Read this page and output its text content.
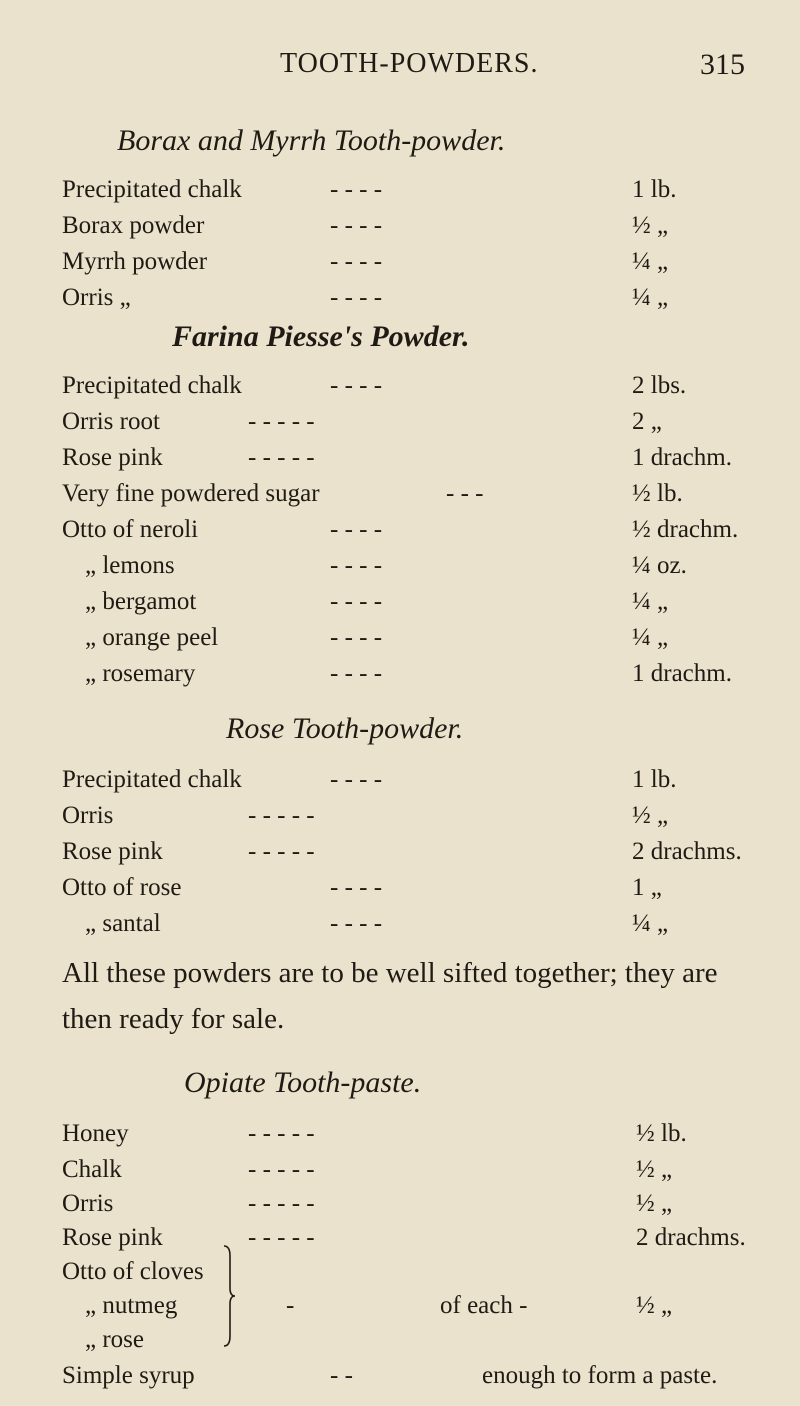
TOOTH-POWDERS.	315
Borax and Myrrh Tooth-powder.
Precipitated chalk	- - - -	1 lb.
Borax powder	- - - -	½ „
Myrrh powder	- - - -	¼ „
Orris „	- - - -	¼ „
Farina Piesse's Powder.
Precipitated chalk	- - - -	2 lbs.
Orris root	- - - - -	2 „
Rose pink	- - - - -	1 drachm.
Very fine powdered sugar	- - -	½ lb.
Otto of neroli	- - - -	½ drachm.
„ lemons	- - - -	¼ oz.
„ bergamot	- - - -	¼ „
„ orange peel	- - - -	¼ „
„ rosemary	- - - -	1 drachm.
Rose Tooth-powder.
Precipitated chalk	- - - -	1 lb.
Orris	- - - - -	½ „
Rose pink	- - - - -	2 drachms.
Otto of rose	- - - -	1 „
„ santal	- - - -	¼ „
All these powders are to be well sifted together; they are then ready for sale.
Opiate Tooth-paste.
Honey	- - - - -	½ lb.
Chalk	- - - - -	½ „
Orris	- - - - -	½ „
Rose pink	- - - - -	2 drachms.
Otto of cloves
„ nutmeg	-	of each -	½ „
„ rose
Simple syrup	- -	enough to form a paste.
